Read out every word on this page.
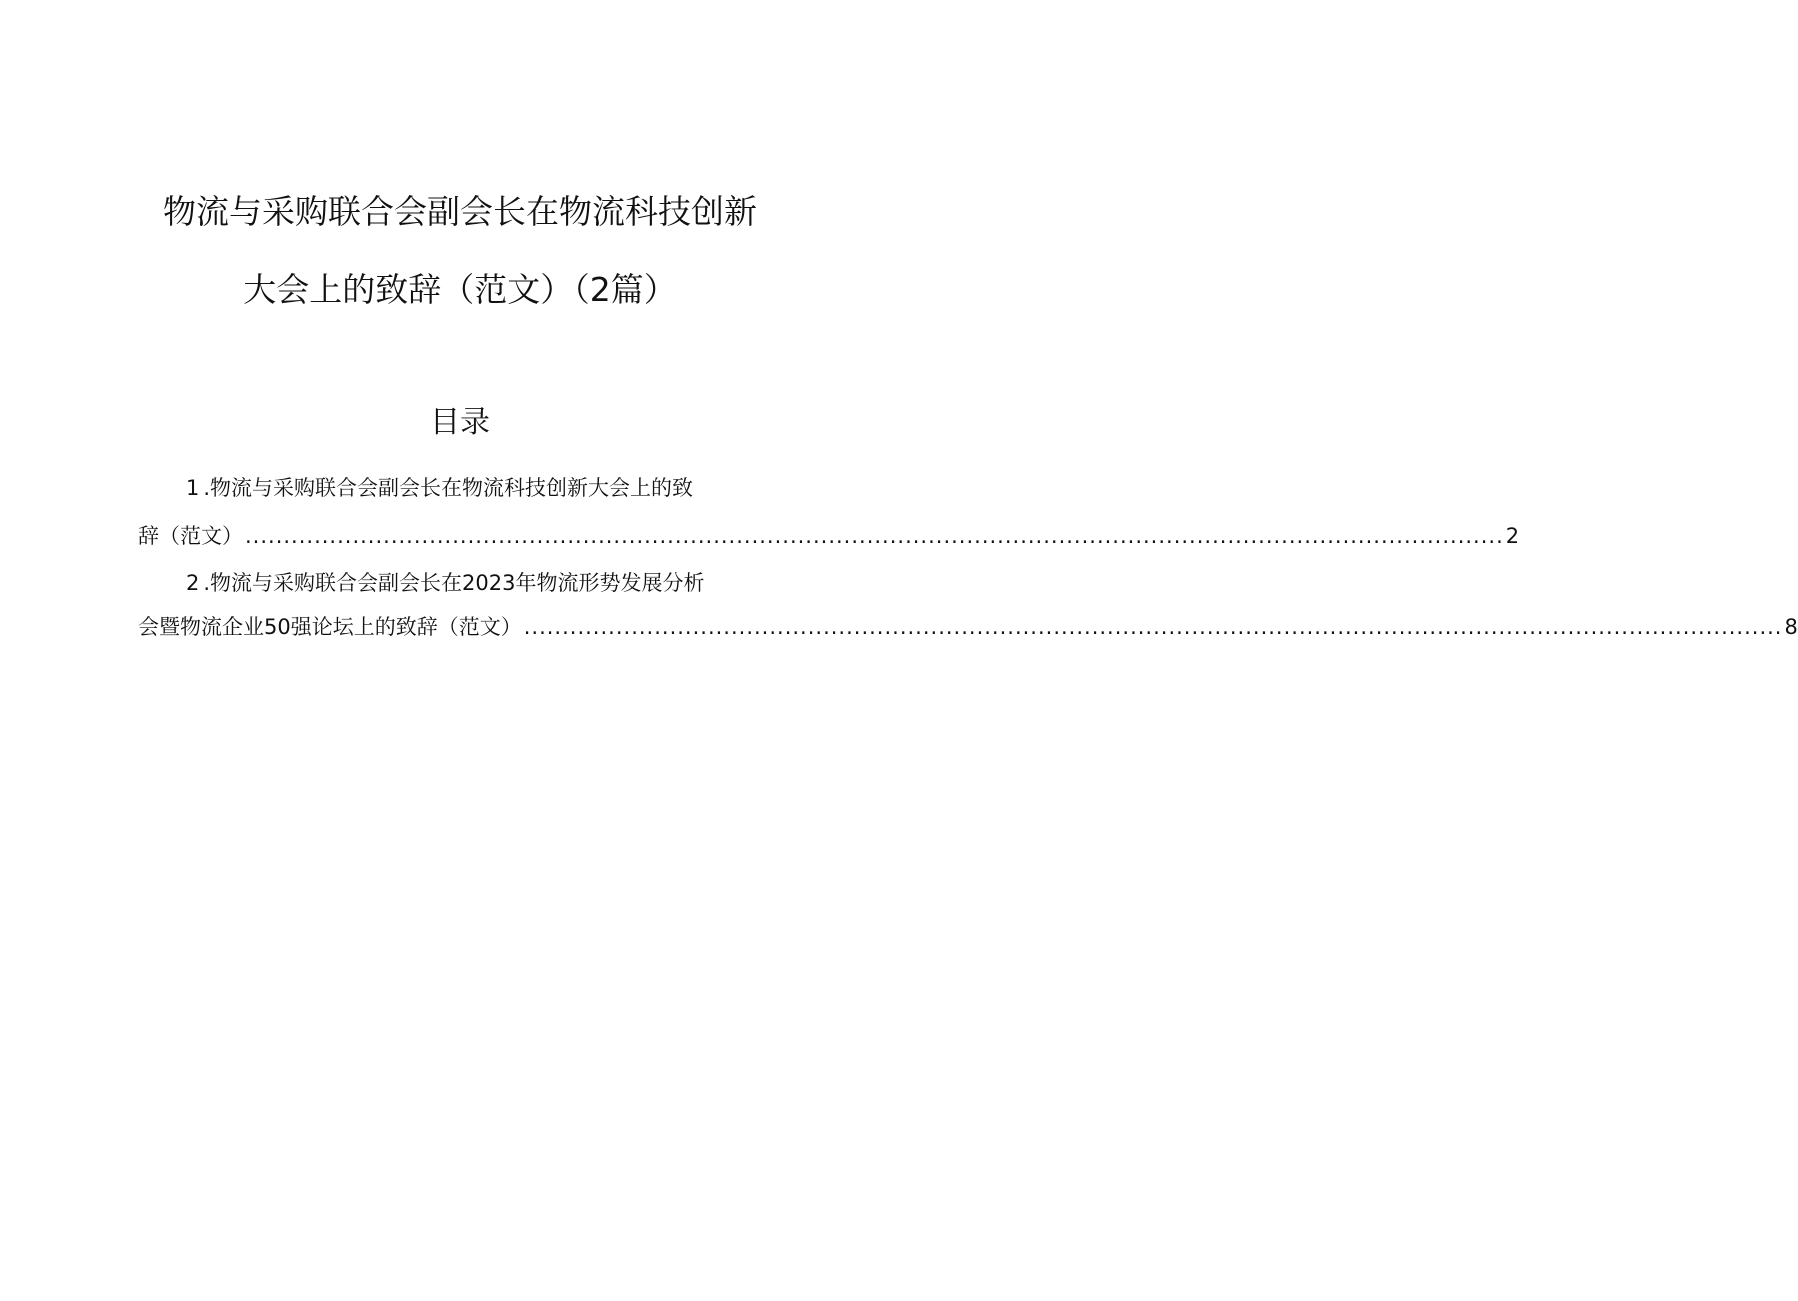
物流与采购联合会副会长在物流科技创新
大会上的致辞（范文）（2篇）
目录
1.物流与采购联合会副会长在物流科技创新大会上的致
辞（范文） .................................................................................................................................................................... 2
2.物流与采购联合会副会长在2023年物流形势发展分析
会暨物流企业50强论坛上的致辞（范文） .................................................................................................................................................................... 8
